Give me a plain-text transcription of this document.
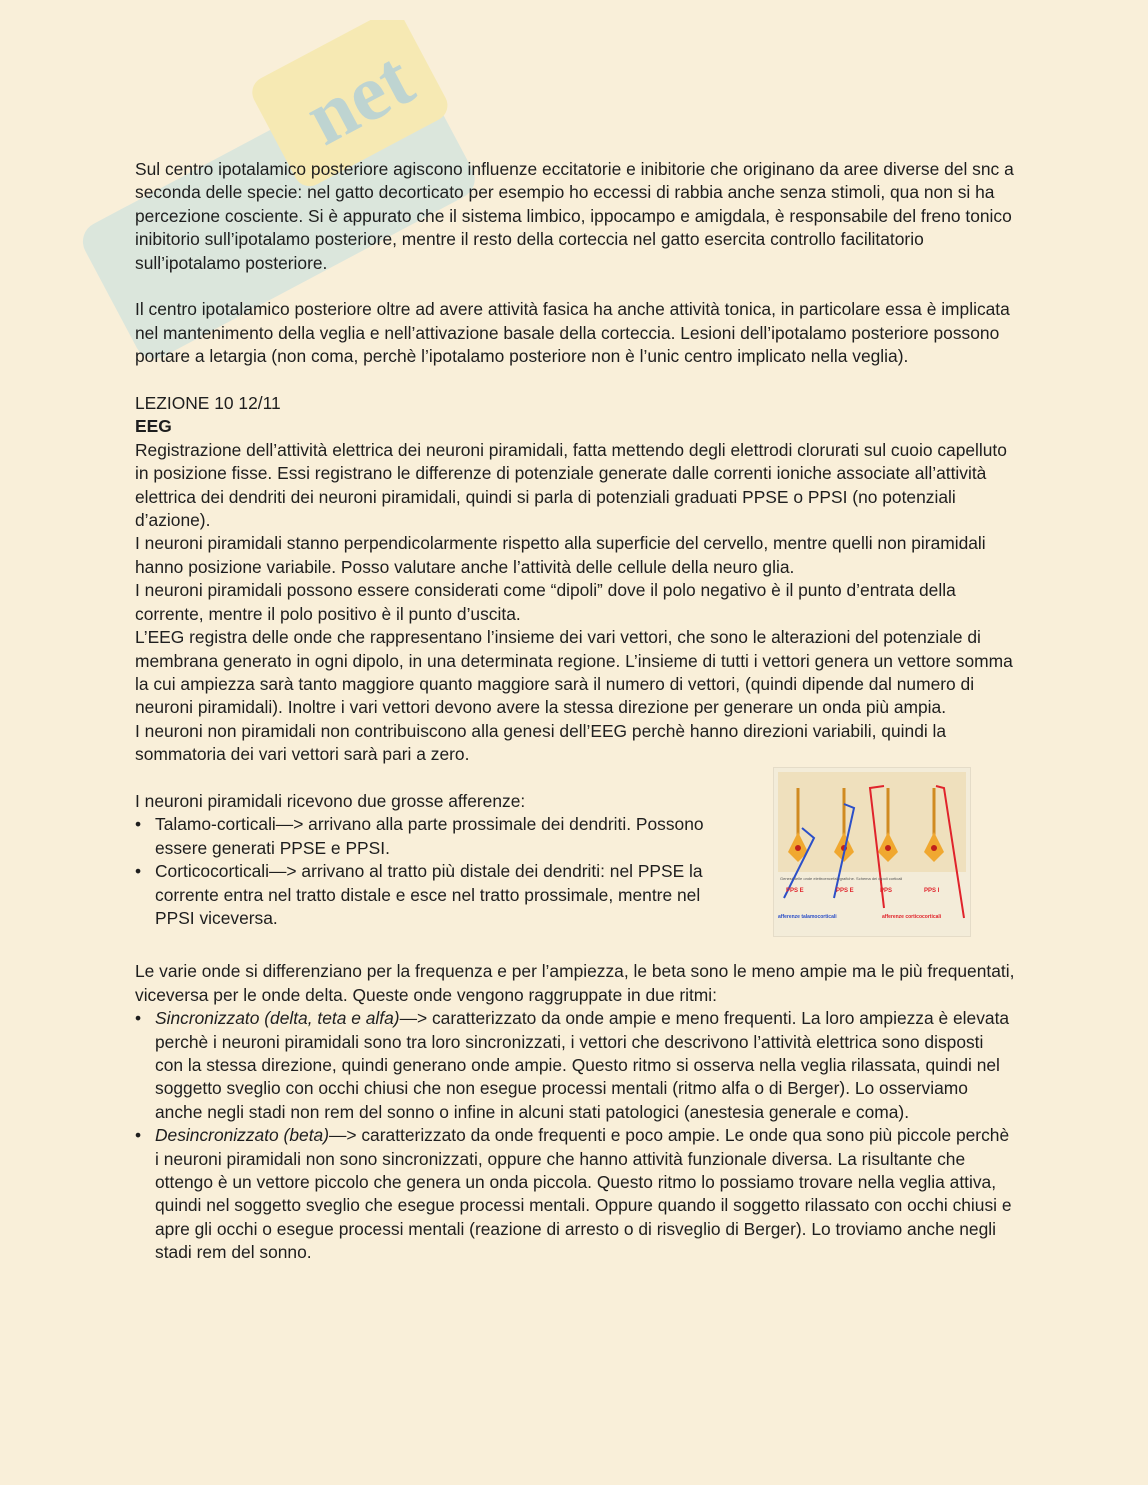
net

Sul centro ipotalamico posteriore agiscono influenze eccitatorie e inibitorie che originano da aree diverse del snc a seconda delle specie: nel gatto decorticato per esempio ho eccessi di rabbia anche senza stimoli, qua non si ha percezione cosciente. Si è appurato che il sistema limbico, ippocampo e amigdala, è responsabile del freno tonico inibitorio sull’ipotalamo posteriore, mentre il resto della corteccia nel gatto esercita controllo facilitatorio sull’ipotalamo posteriore.

Il centro ipotalamico posteriore oltre ad avere attività fasica ha anche attività tonica, in particolare essa è implicata nel mantenimento della veglia e nell’attivazione basale della corteccia. Lesioni dell’ipotalamo posteriore possono portare a letargia (non coma, perchè l’ipotalamo posteriore non è l’unic centro implicato nella veglia).

LEZIONE 10 12/11

EEG

Registrazione dell’attività elettrica dei neuroni piramidali, fatta mettendo degli elettrodi clorurati sul cuoio capelluto in posizione fisse. Essi registrano le differenze di potenziale generate dalle correnti ioniche associate all’attività elettrica dei dendriti dei neuroni piramidali, quindi si parla di potenziali graduati PPSE o PPSI (no potenziali d’azione).

I neuroni piramidali stanno perpendicolarmente rispetto alla superficie del cervello, mentre quelli non piramidali hanno posizione variabile. Posso valutare anche l’attività delle cellule della neuro glia.

I neuroni piramidali possono essere considerati come “dipoli” dove il polo negativo è il punto d’entrata della corrente, mentre il polo positivo è il punto d’uscita.

L’EEG registra delle onde che rappresentano l’insieme dei vari vettori, che sono le alterazioni del potenziale di membrana generato in ogni dipolo, in una determinata regione. L’insieme di tutti i vettori genera un vettore somma la cui ampiezza sarà tanto maggiore quanto maggiore sarà il numero di vettori, (quindi dipende dal numero di neuroni piramidali). Inoltre i vari vettori devono avere la stessa direzione per generare un onda più ampia.

I neuroni non piramidali non contribuiscono alla genesi dell’EEG perchè hanno direzioni variabili, quindi la sommatoria dei vari vettori sarà pari a zero.

I neuroni piramidali ricevono due grosse afferenze:

• Talamo-corticali—> arrivano alla parte prossimale dei dendriti. Possono essere generati PPSE e PPSI.
• Corticocorticali—> arrivano al tratto più distale dei dendriti: nel PPSE la corrente entra nel tratto distale e esce nel tratto prossimale, mentre nel PPSI viceversa.
Genesi delle onde elettroencefalografiche. Schema dei dipoli corticali
PPS E	PPS E	PPS	PPS I
afferenze talamocorticali	afferenze corticocorticali

Le varie onde si differenziano per la frequenza e per l’ampiezza, le beta sono le meno ampie ma le più frequentati, viceversa per le onde delta. Queste onde vengono raggruppate in due ritmi:

• Sincronizzato (delta, teta e alfa)—> caratterizzato da onde ampie e meno frequenti. La loro ampiezza è elevata perchè i neuroni piramidali sono tra loro sincronizzati, i vettori che descrivono l’attività elettrica sono disposti con la stessa direzione, quindi generano onde ampie. Questo ritmo si osserva nella veglia rilassata, quindi nel soggetto sveglio con occhi chiusi che non esegue processi mentali (ritmo alfa o di Berger). Lo osserviamo anche negli stadi non rem del sonno o infine in alcuni stati patologici (anestesia generale e coma).
• Desincronizzato (beta)—> caratterizzato da onde frequenti e poco ampie. Le onde qua sono più piccole perchè i neuroni piramidali non sono sincronizzati, oppure che hanno attività funzionale diversa. La risultante che ottengo è un vettore piccolo che genera un onda piccola. Questo ritmo lo possiamo trovare nella veglia attiva, quindi nel soggetto sveglio che esegue processi mentali. Oppure quando il soggetto rilassato con occhi chiusi e apre gli occhi o esegue processi mentali (reazione di arresto o di risveglio di Berger). Lo troviamo anche negli stadi rem del sonno.
